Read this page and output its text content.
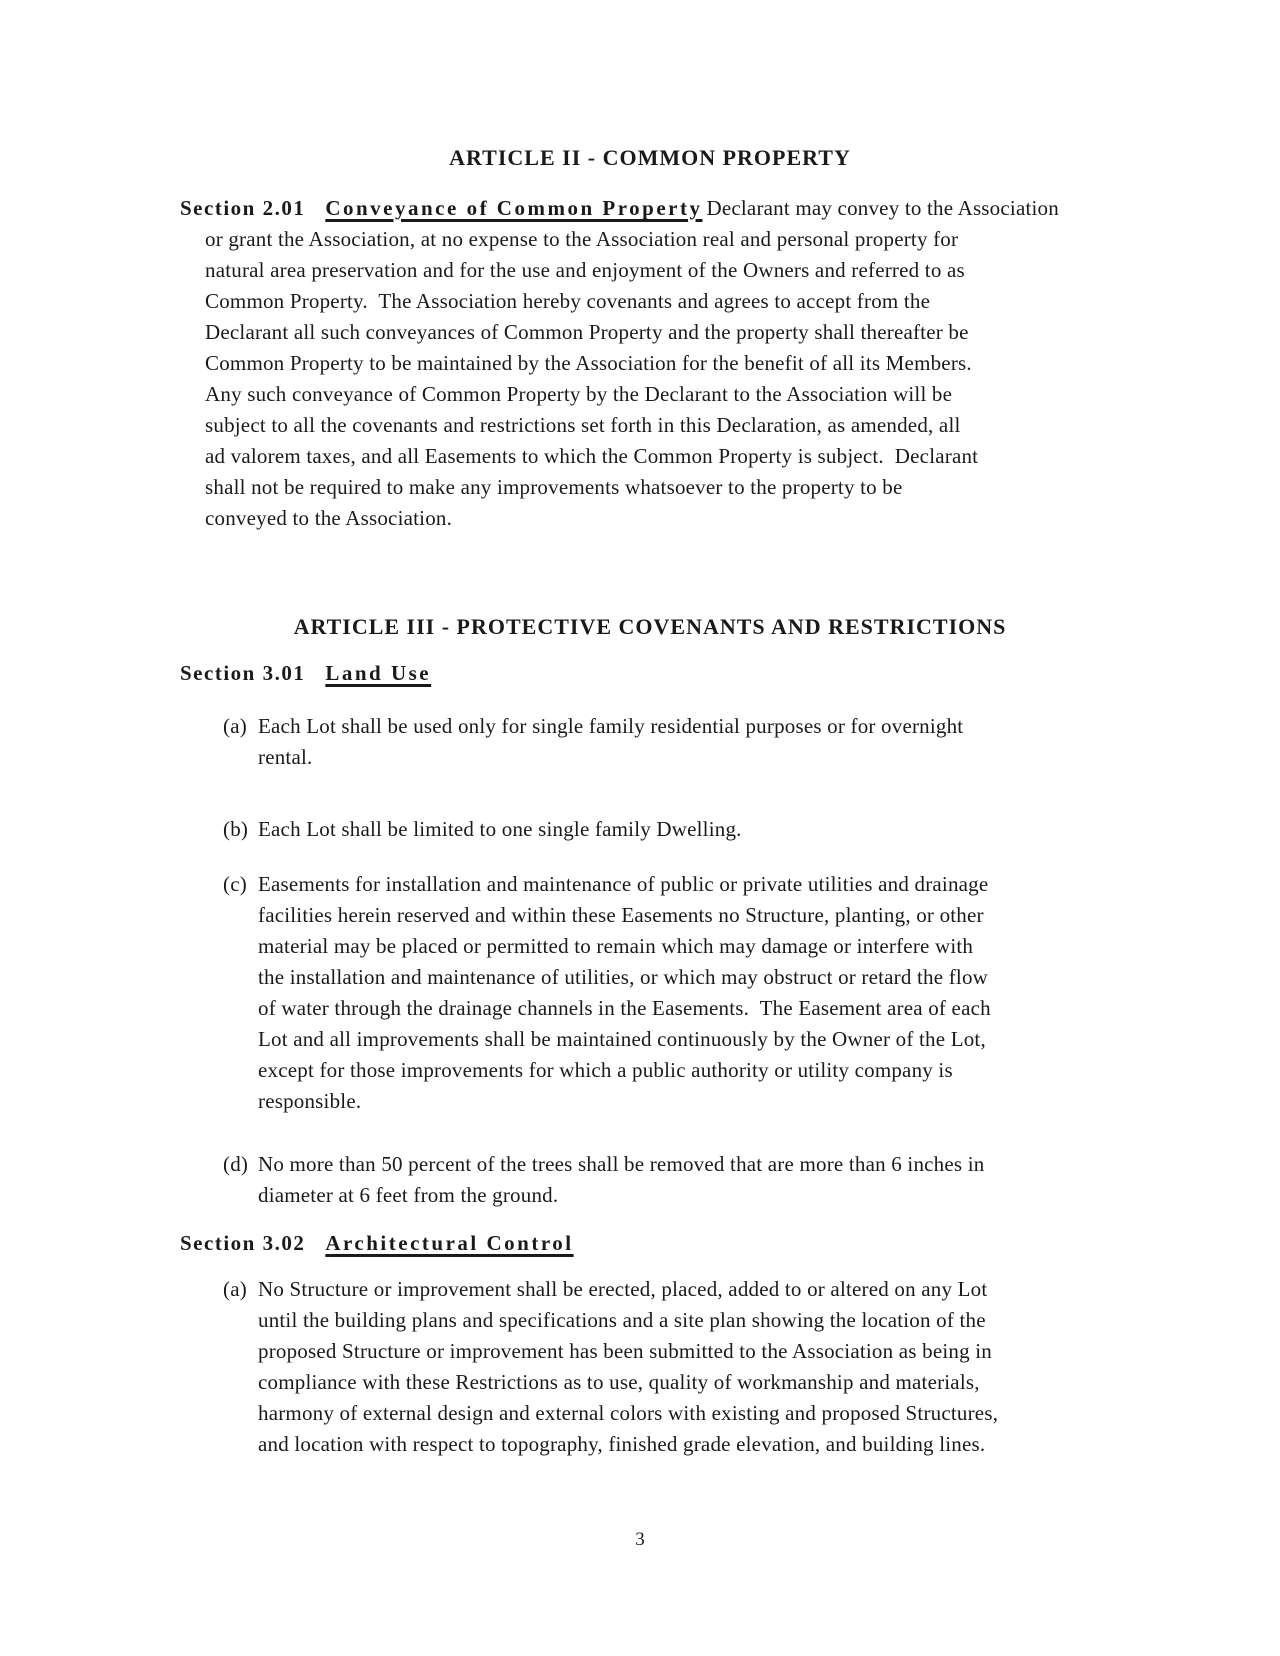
ARTICLE II - COMMON PROPERTY
Section 2.01 Conveyance of Common Property Declarant may convey to the Association
or grant the Association, at no expense to the Association real and personal property for
natural area preservation and for the use and enjoyment of the Owners and referred to as
Common Property.  The Association hereby covenants and agrees to accept from the
Declarant all such conveyances of Common Property and the property shall thereafter be
Common Property to be maintained by the Association for the benefit of all its Members.
Any such conveyance of Common Property by the Declarant to the Association will be
subject to all the covenants and restrictions set forth in this Declaration, as amended, all
ad valorem taxes, and all Easements to which the Common Property is subject.  Declarant
shall not be required to make any improvements whatsoever to the property to be
conveyed to the Association.
ARTICLE III - PROTECTIVE COVENANTS AND RESTRICTIONS
Section 3.01 Land Use
(a) Each Lot shall be used only for single family residential purposes or for overnight
rental.
(b) Each Lot shall be limited to one single family Dwelling.
(c) Easements for installation and maintenance of public or private utilities and drainage
facilities herein reserved and within these Easements no Structure, planting, or other
material may be placed or permitted to remain which may damage or interfere with
the installation and maintenance of utilities, or which may obstruct or retard the flow
of water through the drainage channels in the Easements.  The Easement area of each
Lot and all improvements shall be maintained continuously by the Owner of the Lot,
except for those improvements for which a public authority or utility company is
responsible.
(d) No more than 50 percent of the trees shall be removed that are more than 6 inches in
diameter at 6 feet from the ground.
Section 3.02 Architectural Control
(a) No Structure or improvement shall be erected, placed, added to or altered on any Lot
until the building plans and specifications and a site plan showing the location of the
proposed Structure or improvement has been submitted to the Association as being in
compliance with these Restrictions as to use, quality of workmanship and materials,
harmony of external design and external colors with existing and proposed Structures,
and location with respect to topography, finished grade elevation, and building lines.
3
